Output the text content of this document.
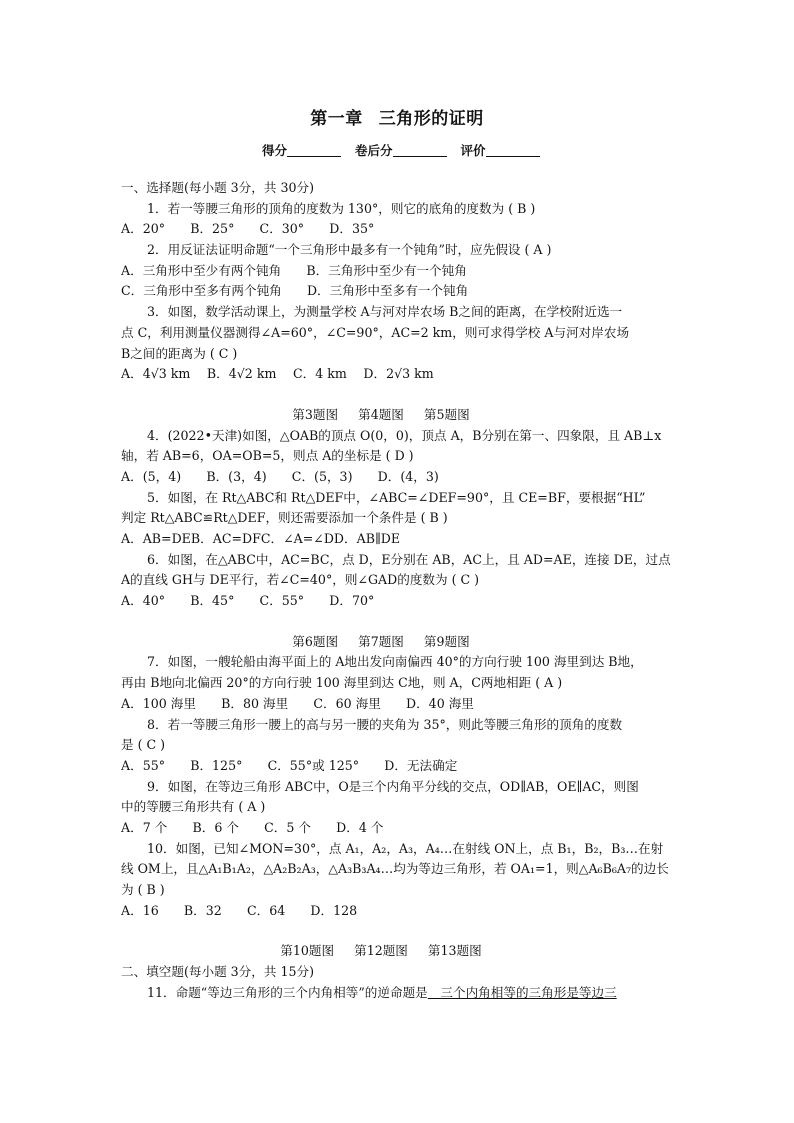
第一章 三角形的证明
得分	卷后分	评价
一、选择题(每小题 3分，共 30分)
1．若一等腰三角形的顶角的度数为 130°，则它的底角的度数为 ( B )
A．20°　　B．25°　　C．30°　　D．35°
2．用反证法证明命题“一个三角形中最多有一个钝角”时，应先假设 ( A )
A．三角形中至少有两个钝角　　B．三角形中至少有一个钝角
C．三角形中至多有两个钝角　　D．三角形中至多有一个钝角
3．如图，数学活动课上，为测量学校 A与河对岸农场 B之间的距离，在学校附近选一
点 C，利用测量仪器测得∠A=60°，∠C=90°，AC=2 km，则可求得学校 A与河对岸农场
B之间的距离为 ( C )
A．4√3 km　 B．4√2 km　 C．4 km　 D．2√3 km
第3题图 第4题图 第5题图
4．(2022•天津)如图，△OAB的顶点 O(0，0)，顶点 A，B分别在第一、四象限，且 AB⊥x
轴，若 AB=6，OA=OB=5，则点 A的坐标是 ( D )
A．(5，4)　　B．(3，4)　　C．(5，3)　　D．(4，3)
5．如图，在 Rt△ABC和 Rt△DEF中，∠ABC=∠DEF=90°，且 CE=BF，要根据“HL”
判定 Rt△ABC≌Rt△DEF，则还需要添加一个条件是 ( B )
A．AB=DEB．AC=DFC．∠A=∠DD．AB∥DE
6．如图，在△ABC中，AC=BC，点 D，E分别在 AB，AC上，且 AD=AE，连接 DE，过点
A的直线 GH与 DE平行，若∠C=40°，则∠GAD的度数为 ( C )
A．40°　　B．45°　　C．55°　　D．70°
第6题图 第7题图 第9题图
7．如图，一艘轮船由海平面上的 A地出发向南偏西 40°的方向行驶 100 海里到达 B地，
再由 B地向北偏西 20°的方向行驶 100 海里到达 C地，则 A，C两地相距 ( A )
A．100 海里　　B．80 海里　　C．60 海里　　D．40 海里
8．若一等腰三角形一腰上的高与另一腰的夹角为 35°，则此等腰三角形的顶角的度数
是 ( C )
A．55°　　B．125°　　C．55°或 125°　　D．无法确定
9．如图，在等边三角形 ABC中，O是三个内角平分线的交点，OD∥AB，OE∥AC，则图
中的等腰三角形共有 ( A )
A．7 个　　B．6 个　　C．5 个　　D．4 个
10．如图，已知∠MON=30°，点 A₁，A₂，A₃，A₄…在射线 ON上，点 B₁，B₂，B₃…在射
线 OM上，且△A₁B₁A₂，△A₂B₂A₃，△A₃B₃A₄…均为等边三角形，若 OA₁=1，则△A₆B₆A₇的边长
为 ( B )
A．16　　B．32　　C．64　　D．128
第10题图 第12题图 第13题图
二、填空题(每小题 3分，共 15分)
11．命题“等边三角形的三个内角相等”的逆命题是　三个内角相等的三角形是等边三
